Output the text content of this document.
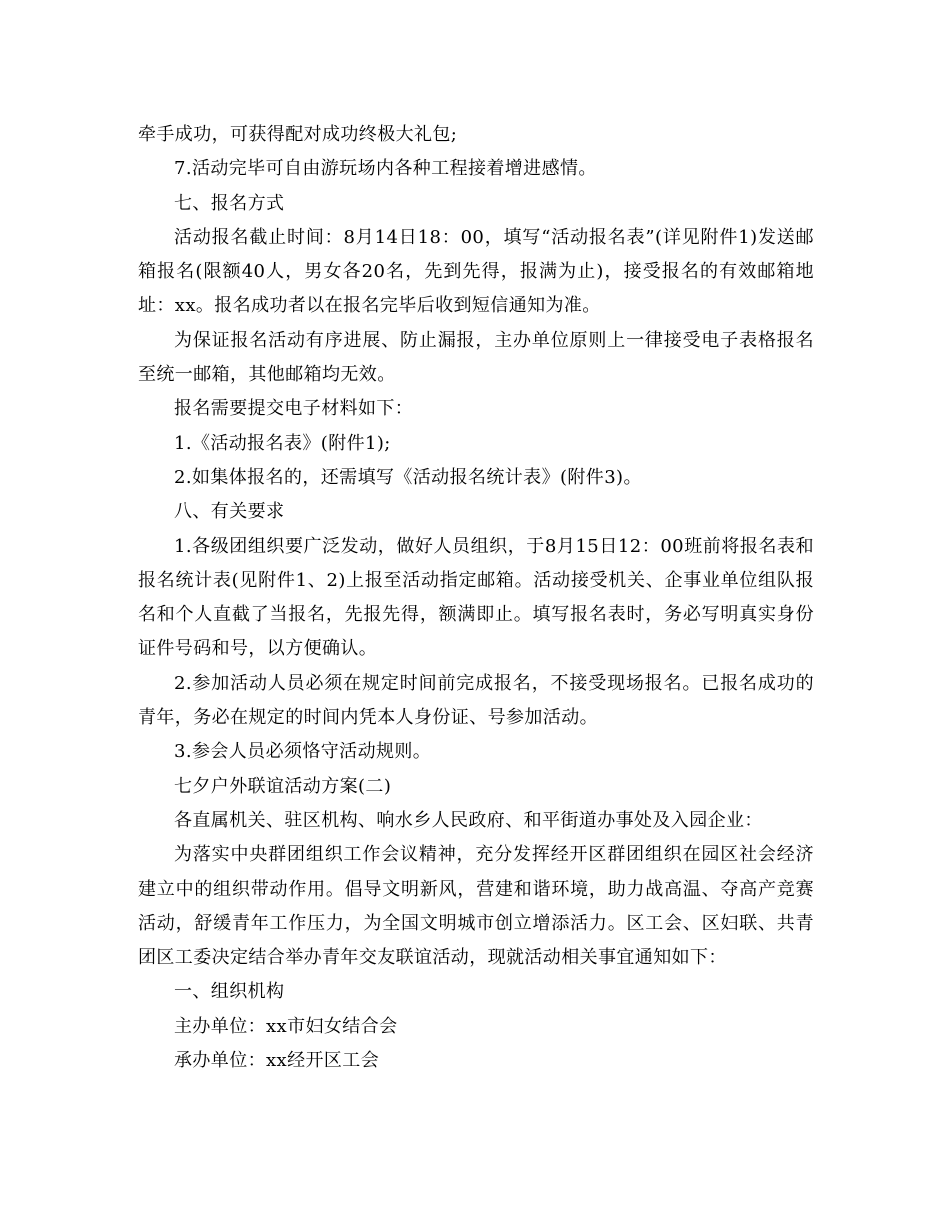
牵手成功，可获得配对成功终极大礼包;

7.活动完毕可自由游玩场内各种工程接着增进感情。

七、报名方式

活动报名截止时间：8月14日18：00，填写“活动报名表”(详见附件1)发送邮箱报名(限额40人，男女各20名，先到先得，报满为止)，接受报名的有效邮箱地址：xx。报名成功者以在报名完毕后收到短信通知为准。

为保证报名活动有序进展、防止漏报，主办单位原则上一律接受电子表格报名至统一邮箱，其他邮箱均无效。

报名需要提交电子材料如下：

1.《活动报名表》(附件1);

2.如集体报名的，还需填写《活动报名统计表》(附件3)。

八、有关要求

1.各级团组织要广泛发动，做好人员组织，于8月15日12：00班前将报名表和报名统计表(见附件1、2)上报至活动指定邮箱。活动接受机关、企事业单位组队报名和个人直截了当报名，先报先得，额满即止。填写报名表时，务必写明真实身份证件号码和号，以方便确认。

2.参加活动人员必须在规定时间前完成报名，不接受现场报名。已报名成功的青年，务必在规定的时间内凭本人身份证、号参加活动。

3.参会人员必须恪守活动规则。

七夕户外联谊活动方案(二)

各直属机关、驻区机构、响水乡人民政府、和平街道办事处及入园企业：

为落实中央群团组织工作会议精神，充分发挥经开区群团组织在园区社会经济建立中的组织带动作用。倡导文明新风，营建和谐环境，助力战高温、夺高产竞赛活动，舒缓青年工作压力，为全国文明城市创立增添活力。区工会、区妇联、共青团区工委决定结合举办青年交友联谊活动，现就活动相关事宜通知如下：

一、组织机构

主办单位：xx市妇女结合会

承办单位：xx经开区工会
